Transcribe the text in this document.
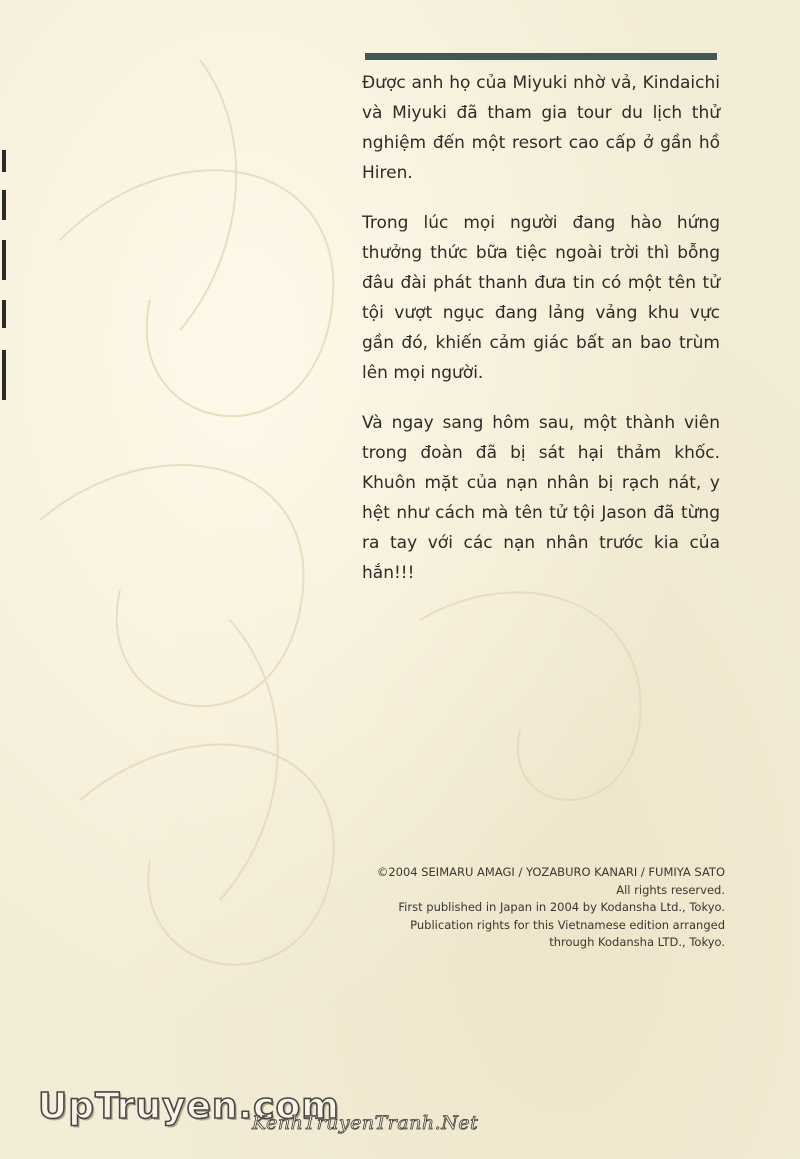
Được anh họ của Miyuki nhờ vả, Kindaichi và Miyuki đã tham gia tour du lịch thử nghiệm đến một resort cao cấp ở gần hồ Hiren.

Trong lúc mọi người đang hào hứng thưởng thức bữa tiệc ngoài trời thì bỗng đâu đài phát thanh đưa tin có một tên tử tội vượt ngục đang lảng vảng khu vực gần đó, khiến cảm giác bất an bao trùm lên mọi người.

Và ngay sang hôm sau, một thành viên trong đoàn đã bị sát hại thảm khốc. Khuôn mặt của nạn nhân bị rạch nát, y hệt như cách mà tên tử tội Jason đã từng ra tay với các nạn nhân trước kia của hắn!!!

©2004 SEIMARU AMAGI / YOZABURO KANARI / FUMIYA SATO
All rights reserved.
First published in Japan in 2004 by Kodansha Ltd., Tokyo.
Publication rights for this Vietnamese edition arranged
through Kodansha LTD., Tokyo.
UpTruyen.com
KenhTruyenTranh.Net
